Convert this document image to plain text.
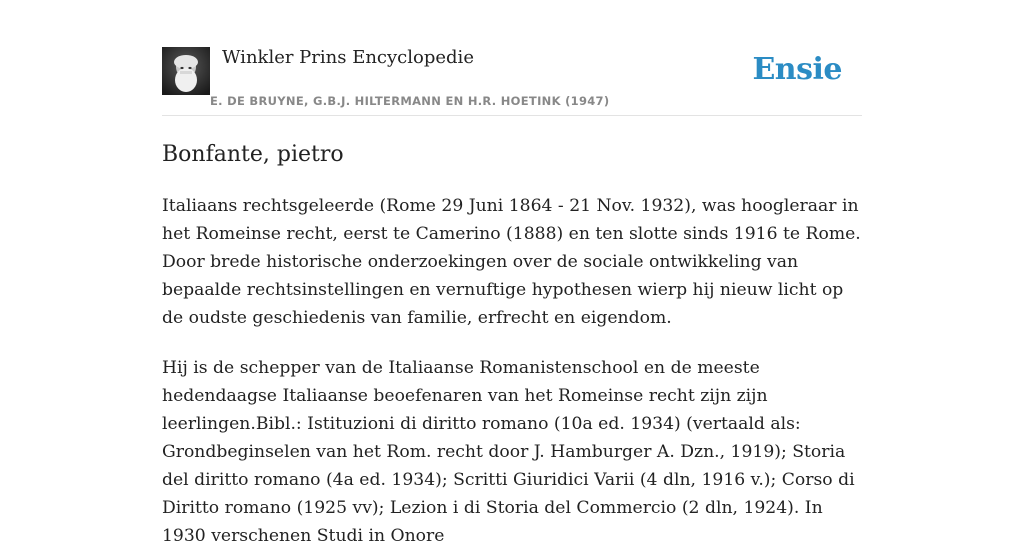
Winkler Prins Encyclopedie
E. DE BRUYNE, G.B.J. HILTERMANN EN H.R. HOETINK (1947)
Ensie
Bonfante, pietro

Italiaans rechtsgeleerde (Rome 29 Juni 1864 - 21 Nov. 1932), was hoogleraar in het Romeinse recht, eerst te Camerino (1888) en ten slotte sinds 1916 te Rome. Door brede historische onderzoekingen over de sociale ontwikkeling van bepaalde rechtsinstellingen en vernuftige hypothesen wierp hij nieuw licht op de oudste geschiedenis van familie, erfrecht en eigendom.

Hij is de schepper van de Italiaanse Romanistenschool en de meeste hedendaagse Italiaanse beoefenaren van het Romeinse recht zijn zijn leerlingen.Bibl.: Istituzioni di diritto romano (10a ed. 1934) (vertaald als: Grondbeginselen van het Rom. recht door J. Hamburger A. Dzn., 1919); Storia del diritto romano (4a ed. 1934); Scritti Giuridici Varii (4 dln, 1916 v.); Corso di Diritto romano (1925 vv); Lezion i di Storia del Commercio (2 dln, 1924). In 1930 verschenen Studi in Onore
